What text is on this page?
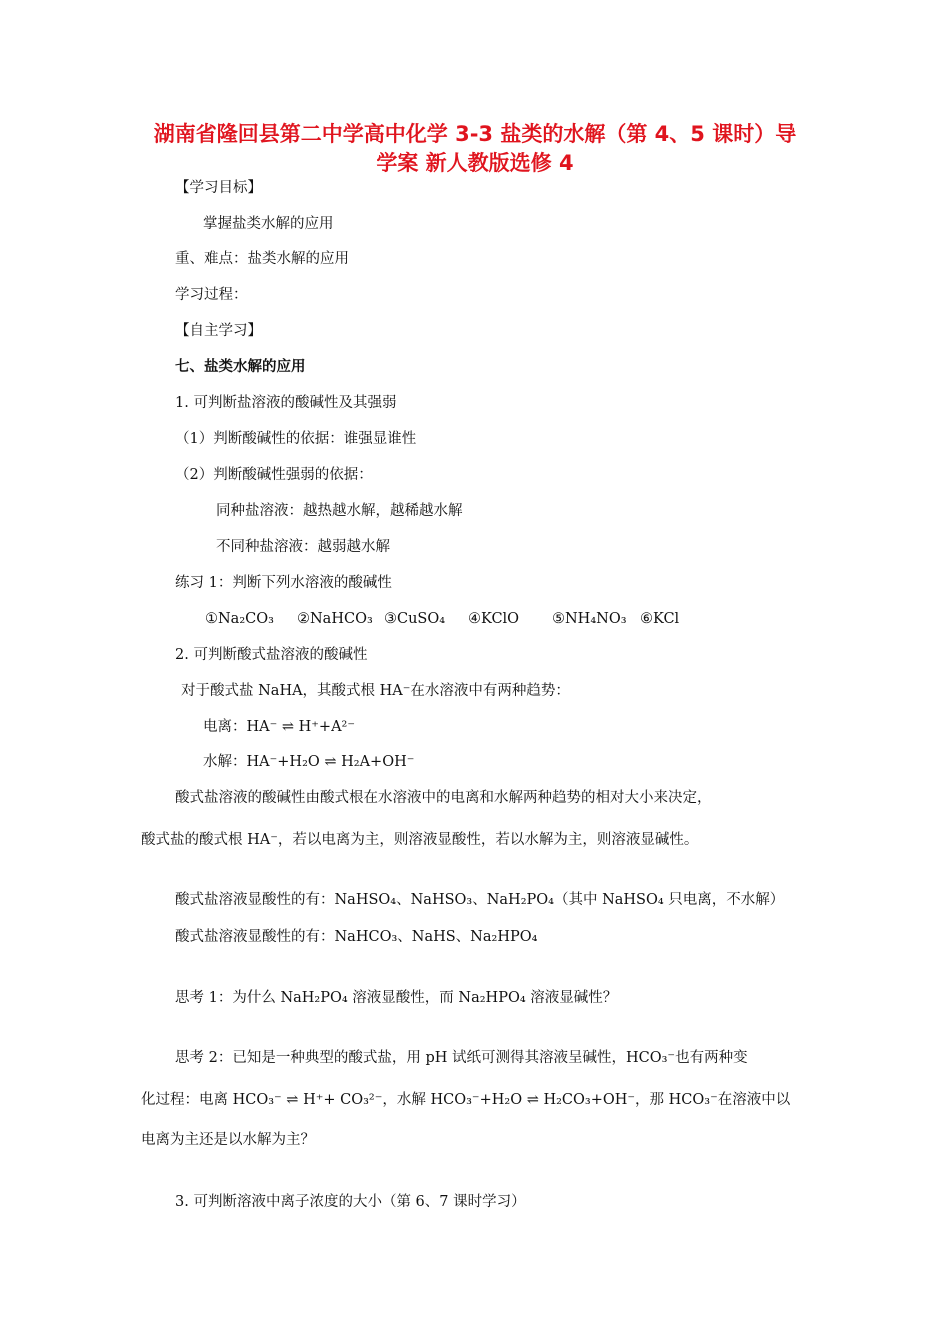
湖南省隆回县第二中学高中化学 3-3 盐类的水解（第 4、5 课时）导
学案 新人教版选修 4
【学习目标】
掌握盐类水解的应用
重、难点：盐类水解的应用
学习过程：
【自主学习】
七、盐类水解的应用
1. 可判断盐溶液的酸碱性及其强弱
（1）判断酸碱性的依据：谁强显谁性
（2）判断酸碱性强弱的依据：
同种盐溶液：越热越水解，越稀越水解
不同种盐溶液：越弱越水解
练习 1：判断下列水溶液的酸碱性
①Na₂CO₃ ②NaHCO₃ ③CuSO₄ ④KClO ⑤NH₄NO₃ ⑥KCl
2. 可判断酸式盐溶液的酸碱性
对于酸式盐 NaHA，其酸式根 HA⁻在水溶液中有两种趋势：
电离：HA⁻ ⇌ H⁺+A²⁻
水解：HA⁻+H₂O ⇌ H₂A+OH⁻
酸式盐溶液的酸碱性由酸式根在水溶液中的电离和水解两种趋势的相对大小来决定，
酸式盐的酸式根 HA⁻，若以电离为主，则溶液显酸性，若以水解为主，则溶液显碱性。
酸式盐溶液显酸性的有：NaHSO₄、NaHSO₃、NaH₂PO₄（其中 NaHSO₄ 只电离，不水解）
酸式盐溶液显酸性的有：NaHCO₃、NaHS、Na₂HPO₄
思考 1：为什么 NaH₂PO₄ 溶液显酸性，而 Na₂HPO₄ 溶液显碱性？
思考 2：已知是一种典型的酸式盐，用 pH 试纸可测得其溶液呈碱性，HCO₃⁻也有两种变
化过程：电离 HCO₃⁻ ⇌ H⁺+ CO₃²⁻，水解 HCO₃⁻+H₂O ⇌ H₂CO₃+OH⁻，那 HCO₃⁻在溶液中以
电离为主还是以水解为主？
3. 可判断溶液中离子浓度的大小（第 6、7 课时学习）
